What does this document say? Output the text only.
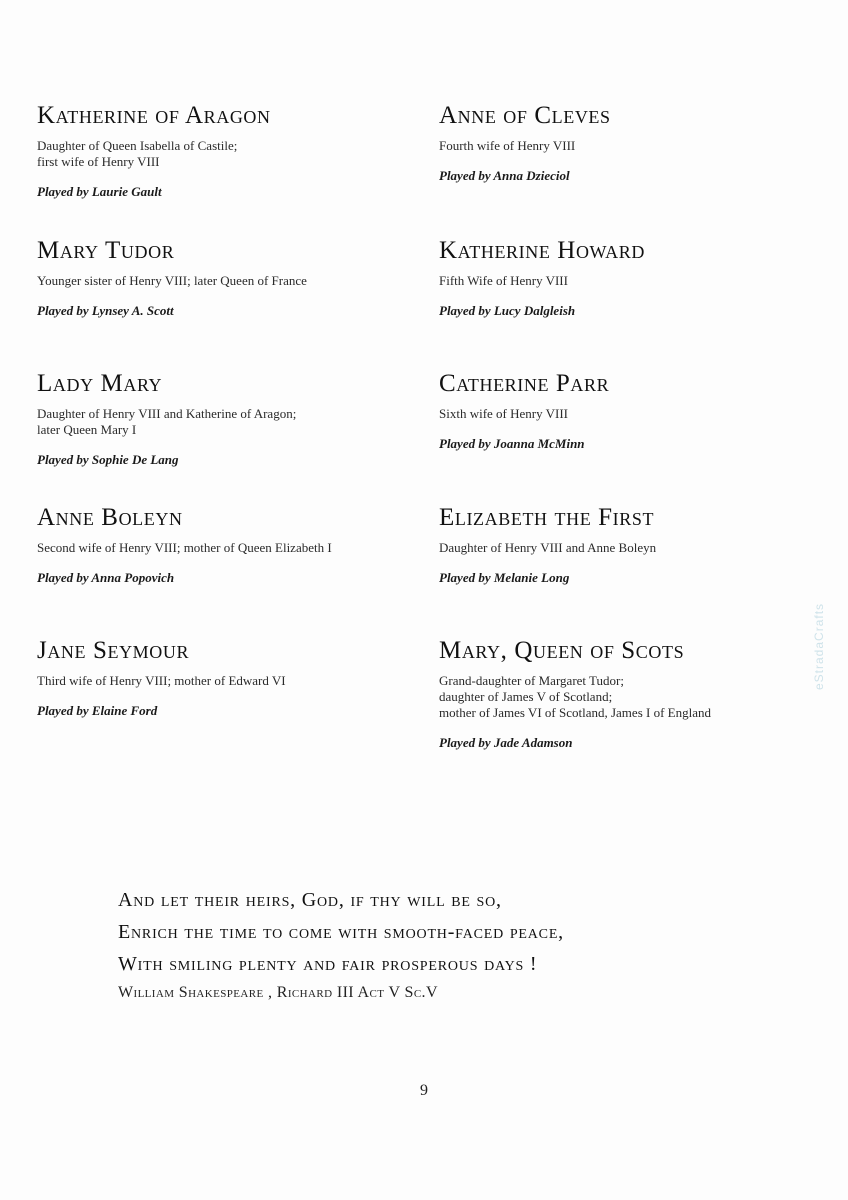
Katherine of Aragon
Daughter of Queen Isabella of Castile;
first wife of Henry VIII
Played by Laurie Gault
Mary Tudor
Younger sister of Henry VIII; later Queen of France
Played by Lynsey A. Scott
Lady Mary
Daughter of Henry VIII and Katherine of Aragon;
later Queen Mary I
Played by Sophie De Lang
Anne Boleyn
Second wife of Henry VIII; mother of Queen Elizabeth I
Played by Anna Popovich
Jane Seymour
Third wife of Henry VIII; mother of Edward VI
Played by Elaine Ford
Anne of Cleves
Fourth wife of Henry VIII
Played by Anna Dzieciol
Katherine Howard
Fifth Wife of Henry VIII
Played by Lucy Dalgleish
Catherine Parr
Sixth wife of Henry VIII
Played by Joanna McMinn
Elizabeth the First
Daughter of Henry VIII and Anne Boleyn
Played by Melanie Long
Mary, Queen of Scots
Grand-daughter of Margaret Tudor;
daughter of James V of Scotland;
mother of James VI of Scotland, James I of England
Played by Jade Adamson
And let their heirs, God, if thy will be so,
Enrich the time to come with smooth-faced peace,
With smiling plenty and fair prosperous days !
William Shakespeare , Richard III Act V Sc.V
9
eStradaCrafts
